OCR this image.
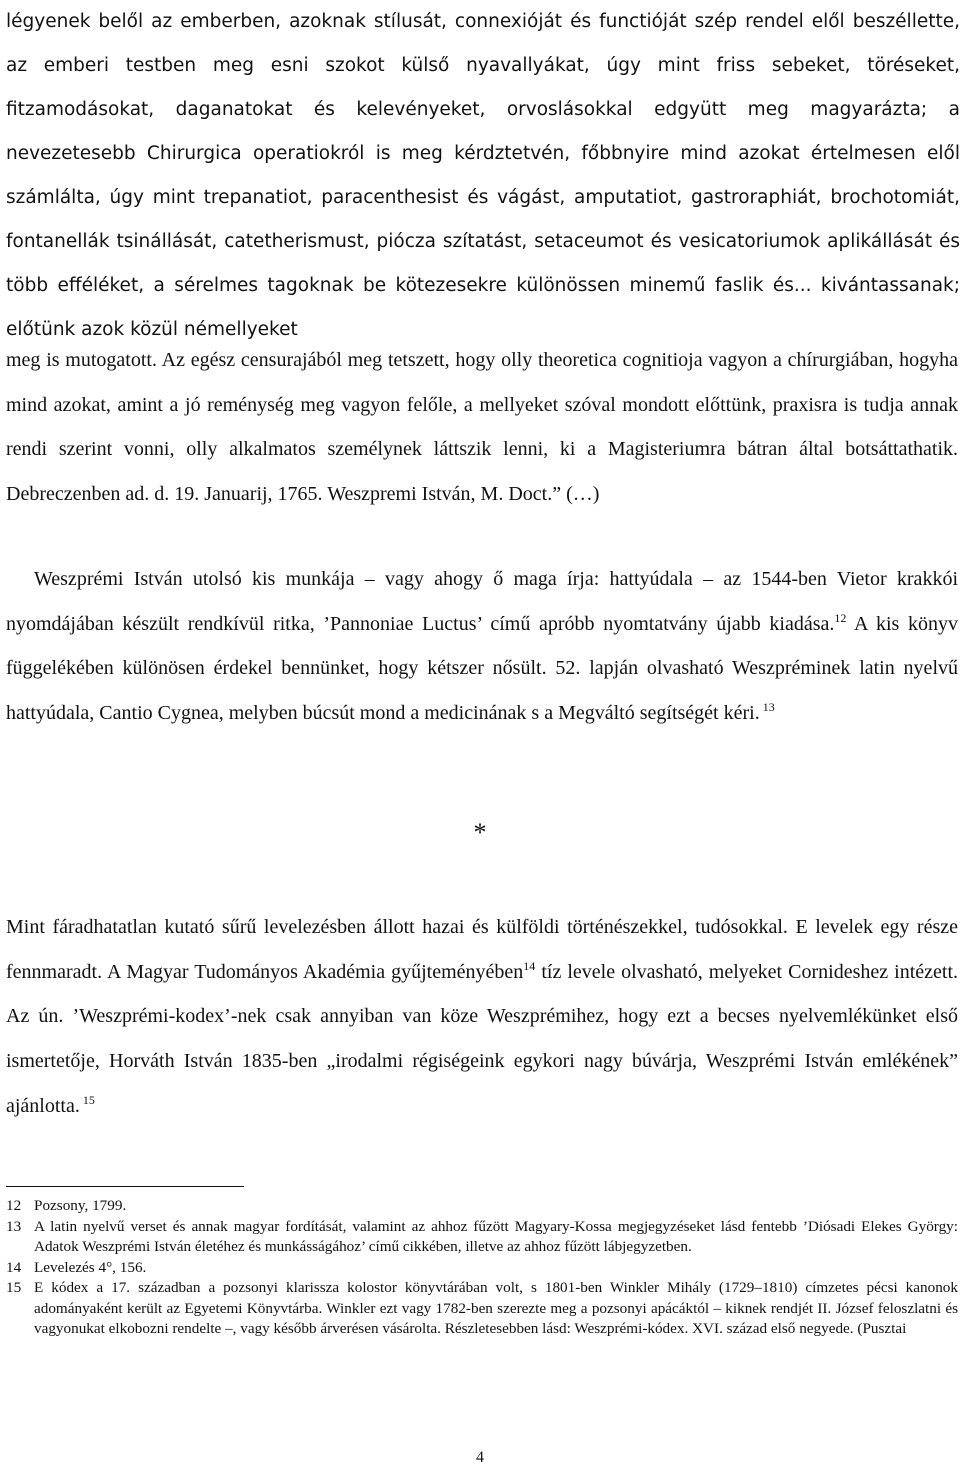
légyenek belől az emberben, azoknak stílusát, connexióját és functióját szép rendel elől beszéllette, az emberi testben meg esni szokot külső nyavallyákat, úgy mint friss sebeket, töréseket, fitzamodásokat, daganatokat és kelevényeket, orvoslásokkal edgyütt meg magyarázta; a nevezetesebb Chirurgica operatiokról is meg kérdztetvén, főbbnyire mind azokat értelmesen elől számlálta, úgy mint trepanatiot, paracenthesist és vágást, amputatiot, gastroraphiát, brochotomiát, fontanellák tsinállását, catetherismust, pióсza szítatást, setaceumot és vesicatoriumok aplikállását és több efféléket, a sérelmes tagoknak be kötezesekre különössen minemű faslik és... kivántassanak; előtünk azok közül némellyeket

meg is mutogatott. Az egész censurajából meg tetszett, hogy olly theoretica cognitioja vagyon a chírurgiában, hogyha mind azokat, amint a jó reménység meg vagyon felőle, a mellyeket szóval mondott előttünk, praxisra is tudja annak rendi szerint vonni, olly alkalmatos személynek láttszik lenni, ki a Magisteriumra bátran által botsáttathatik. Debreczenben ad. d. 19. Januarij, 1765. Weszpremi István, M. Doct.” (…)

Weszprémi István utolsó kis munkája – vagy ahogy ő maga írja: hattyúdala – az 1544-ben Vietor krakkói nyomdájában készült rendkívül ritka, ’Pannoniae Luctus’ című apróbb nyomtatvány újabb kiadása.$^{12}$ A kis könyv függelékében különösen érdekel bennünket, hogy kétszer nősült. 52. lapján olvasható Weszpréminek latin nyelvű hattyúdala, Cantio Cygnea, melyben búcsút mond a medicinának s a Megváltó segítségét kéri. $^{13}$

*

Mint fáradhatatlan kutató sűrű levelezésben állott hazai és külföldi történészekkel, tudósokkal. E levelek egy része fennmaradt. A Magyar Tudományos Akadémia gyűjteményében$^{14}$ tíz levele olvasható, melyeket Cornideshez intézett. Az ún. ’Weszprémi-kodex’-nek csak annyiban van köze Weszprémihez, hogy ezt a becses nyelvemlékünket első ismertetője, Horváth István 1835-ben „irodalmi régiségeink egykori nagy búvárja, Weszprémi István emlékének” ajánlotta. $^{15}$

12 Pozsony, 1799.
13 A latin nyelvű verset és annak magyar fordítását, valamint az ahhoz fűzött Magyary-Kossa megjegyzéseket lásd fentebb ’Diósadi Elekes György: Adatok Weszprémi István életéhez és munkásságához’ című cikkében, illetve az ahhoz fűzött lábjegyzetben.
14 Levelezés 4°, 156.
15 E kódex a 17. században a pozsonyi klarissza kolostor könyvtárában volt, s 1801-ben Winkler Mihály (1729–1810) címzetes pécsi kanonok adományaként került az Egyetemi Könyvtárba. Winkler ezt vagy 1782-ben szerezte meg a pozsonyi apácáktól – kiknek rendjét II. József feloszlatni és vagyonukat elkobozni rendelte –, vagy később árverésen vásárolta. Részletesebben lásd: Weszprémi-kódex. XVI. század első negyede. (Pusztai
4
